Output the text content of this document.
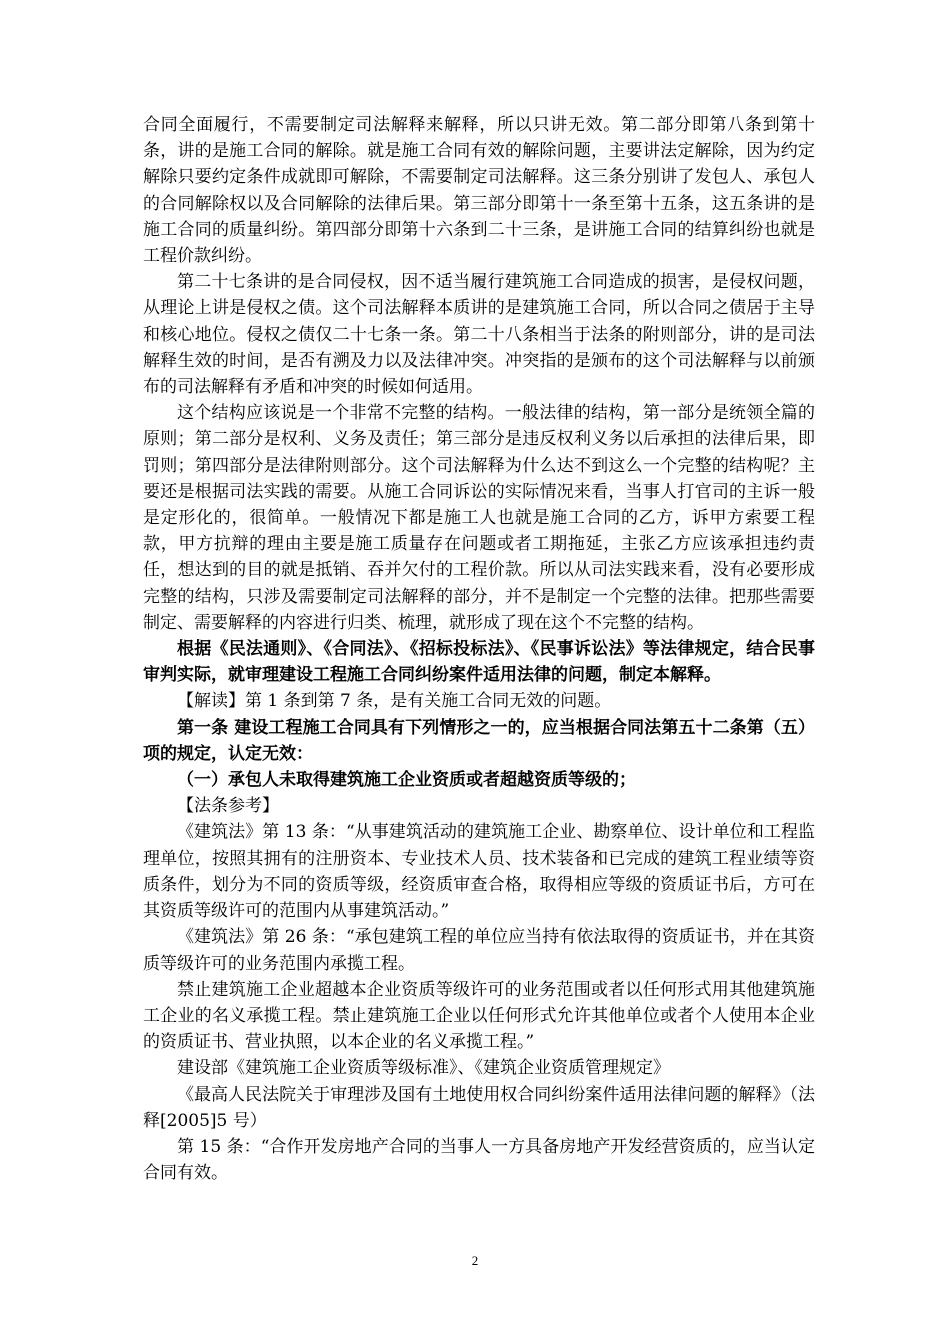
合同全面履行，不需要制定司法解释来解释，所以只讲无效。第二部分即第八条到第十条，讲的是施工合同的解除。就是施工合同有效的解除问题，主要讲法定解除，因为约定解除只要约定条件成就即可解除，不需要制定司法解释。这三条分别讲了发包人、承包人的合同解除权以及合同解除的法律后果。第三部分即第十一条至第十五条，这五条讲的是施工合同的质量纠纷。第四部分即第十六条到二十三条，是讲施工合同的结算纠纷也就是工程价款纠纷。

第二十七条讲的是合同侵权，因不适当履行建筑施工合同造成的损害，是侵权问题，从理论上讲是侵权之债。这个司法解释本质讲的是建筑施工合同，所以合同之债居于主导和核心地位。侵权之债仅二十七条一条。第二十八条相当于法条的附则部分，讲的是司法解释生效的时间，是否有溯及力以及法律冲突。冲突指的是颁布的这个司法解释与以前颁布的司法解释有矛盾和冲突的时候如何适用。

这个结构应该说是一个非常不完整的结构。一般法律的结构，第一部分是统领全篇的原则；第二部分是权利、义务及责任；第三部分是违反权利义务以后承担的法律后果，即罚则；第四部分是法律附则部分。这个司法解释为什么达不到这么一个完整的结构呢？主要还是根据司法实践的需要。从施工合同诉讼的实际情况来看，当事人打官司的主诉一般是定形化的，很简单。一般情况下都是施工人也就是施工合同的乙方，诉甲方索要工程款，甲方抗辩的理由主要是施工质量存在问题或者工期拖延，主张乙方应该承担违约责任，想达到的目的就是抵销、吞并欠付的工程价款。所以从司法实践来看，没有必要形成完整的结构，只涉及需要制定司法解释的部分，并不是制定一个完整的法律。把那些需要制定、需要解释的内容进行归类、梳理，就形成了现在这个不完整的结构。

根据《民法通则》、《合同法》、《招标投标法》、《民事诉讼法》等法律规定，结合民事审判实际，就审理建设工程施工合同纠纷案件适用法律的问题，制定本解释。

【解读】第 1 条到第 7 条，是有关施工合同无效的问题。

第一条 建设工程施工合同具有下列情形之一的，应当根据合同法第五十二条第（五）项的规定，认定无效：

（一）承包人未取得建筑施工企业资质或者超越资质等级的；

【法条参考】

《建筑法》第 13 条：“从事建筑活动的建筑施工企业、勘察单位、设计单位和工程监理单位，按照其拥有的注册资本、专业技术人员、技术装备和已完成的建筑工程业绩等资质条件，划分为不同的资质等级，经资质审查合格，取得相应等级的资质证书后，方可在其资质等级许可的范围内从事建筑活动。”

《建筑法》第 26 条：“承包建筑工程的单位应当持有依法取得的资质证书，并在其资质等级许可的业务范围内承揽工程。

禁止建筑施工企业超越本企业资质等级许可的业务范围或者以任何形式用其他建筑施工企业的名义承揽工程。禁止建筑施工企业以任何形式允许其他单位或者个人使用本企业的资质证书、营业执照，以本企业的名义承揽工程。”

建设部《建筑施工企业资质等级标准》、《建筑企业资质管理规定》

《最高人民法院关于审理涉及国有土地使用权合同纠纷案件适用法律问题的解释》（法释[2005]5 号）

第 15 条：“合作开发房地产合同的当事人一方具备房地产开发经营资质的，应当认定合同有效。

2
